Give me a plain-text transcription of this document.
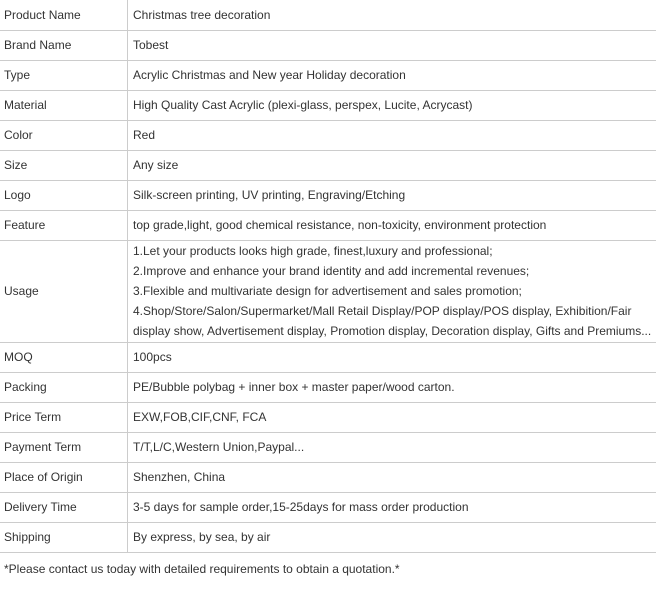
Product Name	Christmas tree decoration
Brand Name	Tobest
Type	Acrylic Christmas and New year Holiday decoration
Material	High Quality Cast Acrylic (plexi-glass, perspex, Lucite, Acrycast)
Color	Red
Size	Any size
Logo	Silk-screen printing, UV printing, Engraving/Etching
Feature	top grade,light, good chemical resistance, non-toxicity, environment protection
Usage	1.Let your products looks high grade, finest,luxury and professional;
2.Improve and enhance your brand identity and add incremental revenues;
3.Flexible and multivariate design for advertisement and sales promotion;
4.Shop/Store/Salon/Supermarket/Mall Retail Display/POP display/POS display, Exhibition/Fair
display show, Advertisement display, Promotion display, Decoration display, Gifts and Premiums...

MOQ	100pcs
Packing	PE/Bubble polybag + inner box + master paper/wood carton.
Price Term	EXW,FOB,CIF,CNF, FCA
Payment Term	T/T,L/C,Western Union,Paypal...
Place of Origin	Shenzhen, China
Delivery Time	3-5 days for sample order,15-25days for mass order production
Shipping	By express, by sea, by air
*Please contact us today with detailed requirements to obtain a quotation.*
